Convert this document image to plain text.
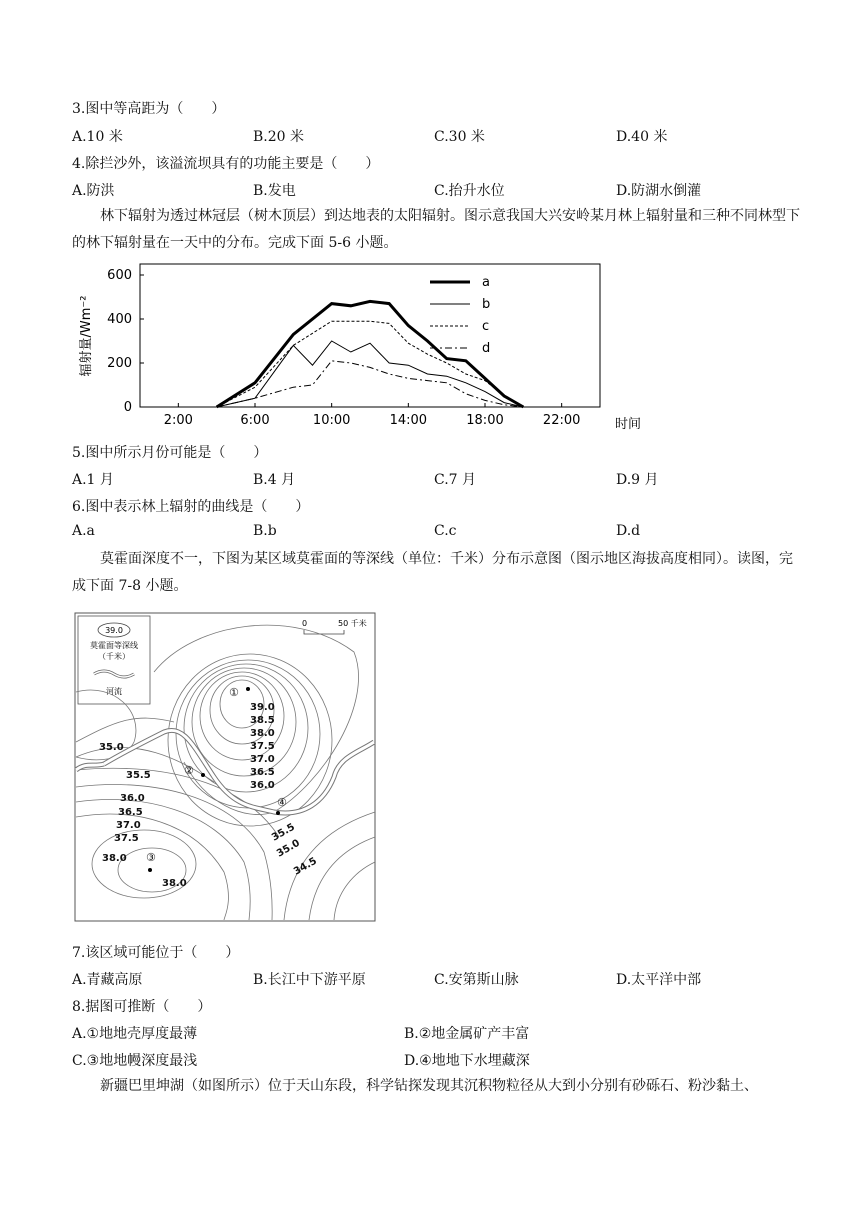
3.图中等高距为（　　）
A.10 米	B.20 米	C.30 米	D.40 米
4.除拦沙外，该溢流坝具有的功能主要是（　　）
A.防洪	B.发电	C.抬升水位	D.防湖水倒灌
林下辐射为透过林冠层（树木顶层）到达地表的太阳辐射。图示意我国大兴安岭某月林上辐射量和三种不同林型下的林下辐射量在一天中的分布。完成下面 5-6 小题。
辐射量/Wm⁻²
时间
0
200
400
600
2:00	6:00	10:00	14:00	18:00	22:00
a
b
c
d
5.图中所示月份可能是（　　）
A.1 月	B.4 月	C.7 月	D.9 月
6.图中表示林上辐射的曲线是（　　）
A.a	B.b	C.c	D.d
莫霍面深度不一，下图为某区域莫霍面的等深线（单位：千米）分布示意图（图示地区海拔高度相同）。读图，完成下面 7-8 小题。
39.0
莫霍面等深线
（千米）
河流
0	50 千米
39.0
38.5
38.0
37.5
37.0
36.5
36.0
35.0
35.5
36.0
36.5
37.0
37.5
38.0
38.0
35.5
35.0
34.5
①
②
③
④
7.该区域可能位于（　　）
A.青藏高原	B.长江中下游平原	C.安第斯山脉	D.太平洋中部
8.据图可推断（　　）
A.①地地壳厚度最薄	B.②地金属矿产丰富
C.③地地幔深度最浅	D.④地地下水埋藏深
新疆巴里坤湖（如图所示）位于天山东段，科学钻探发现其沉积物粒径从大到小分别有砂砾石、粉沙黏土、
